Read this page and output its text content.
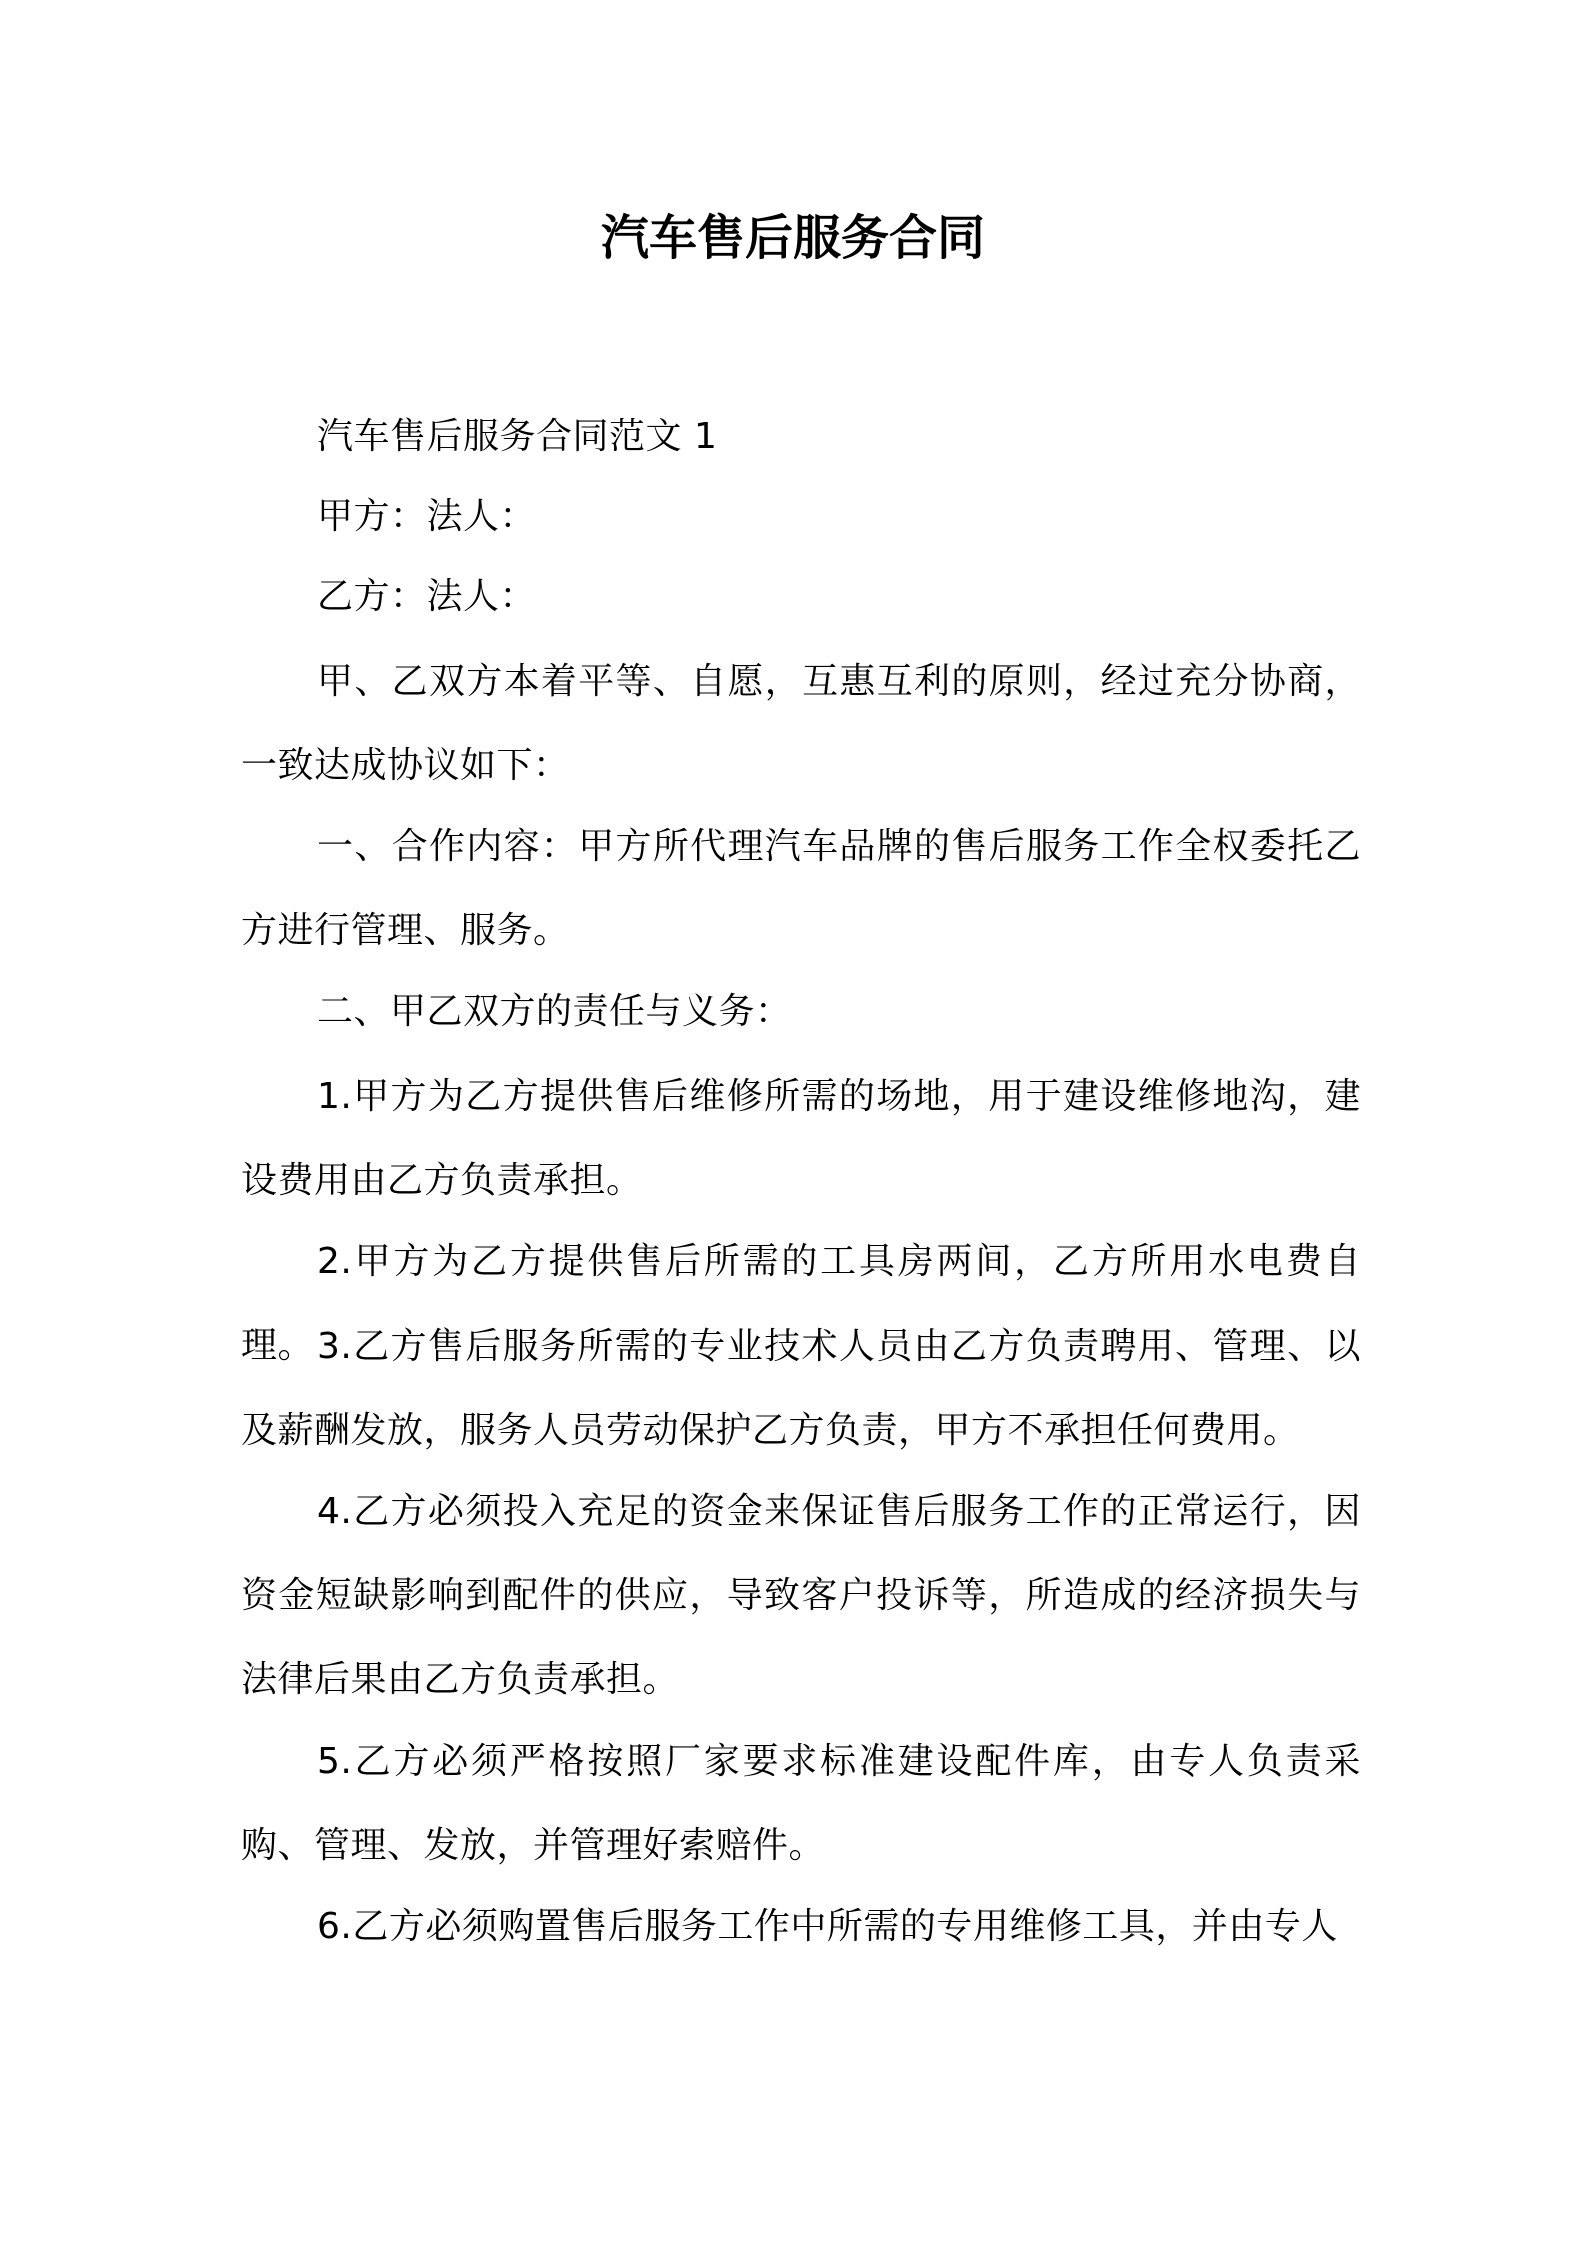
汽车售后服务合同

汽车售后服务合同范文 1

甲方：法人：

乙方：法人：

甲、乙双方本着平等、自愿，互惠互利的原则，经过充分协商，一致达成协议如下：

一、合作内容：甲方所代理汽车品牌的售后服务工作全权委托乙方进行管理、服务。

二、甲乙双方的责任与义务：

1.甲方为乙方提供售后维修所需的场地，用于建设维修地沟，建设费用由乙方负责承担。

2.甲方为乙方提供售后所需的工具房两间，乙方所用水电费自理。 3.乙方售后服务所需的专业技术人员由乙方负责聘用、管理、以及薪酬发放，服务人员劳动保护乙方负责，甲方不承担任何费用。

4.乙方必须投入充足的资金来保证售后服务工作的正常运行，因资金短缺影响到配件的供应，导致客户投诉等，所造成的经济损失与法律后果由乙方负责承担。

5.乙方必须严格按照厂家要求标准建设配件库，由专人负责采购、管理、发放，并管理好索赔件。

6.乙方必须购置售后服务工作中所需的专用维修工具，并由专人
